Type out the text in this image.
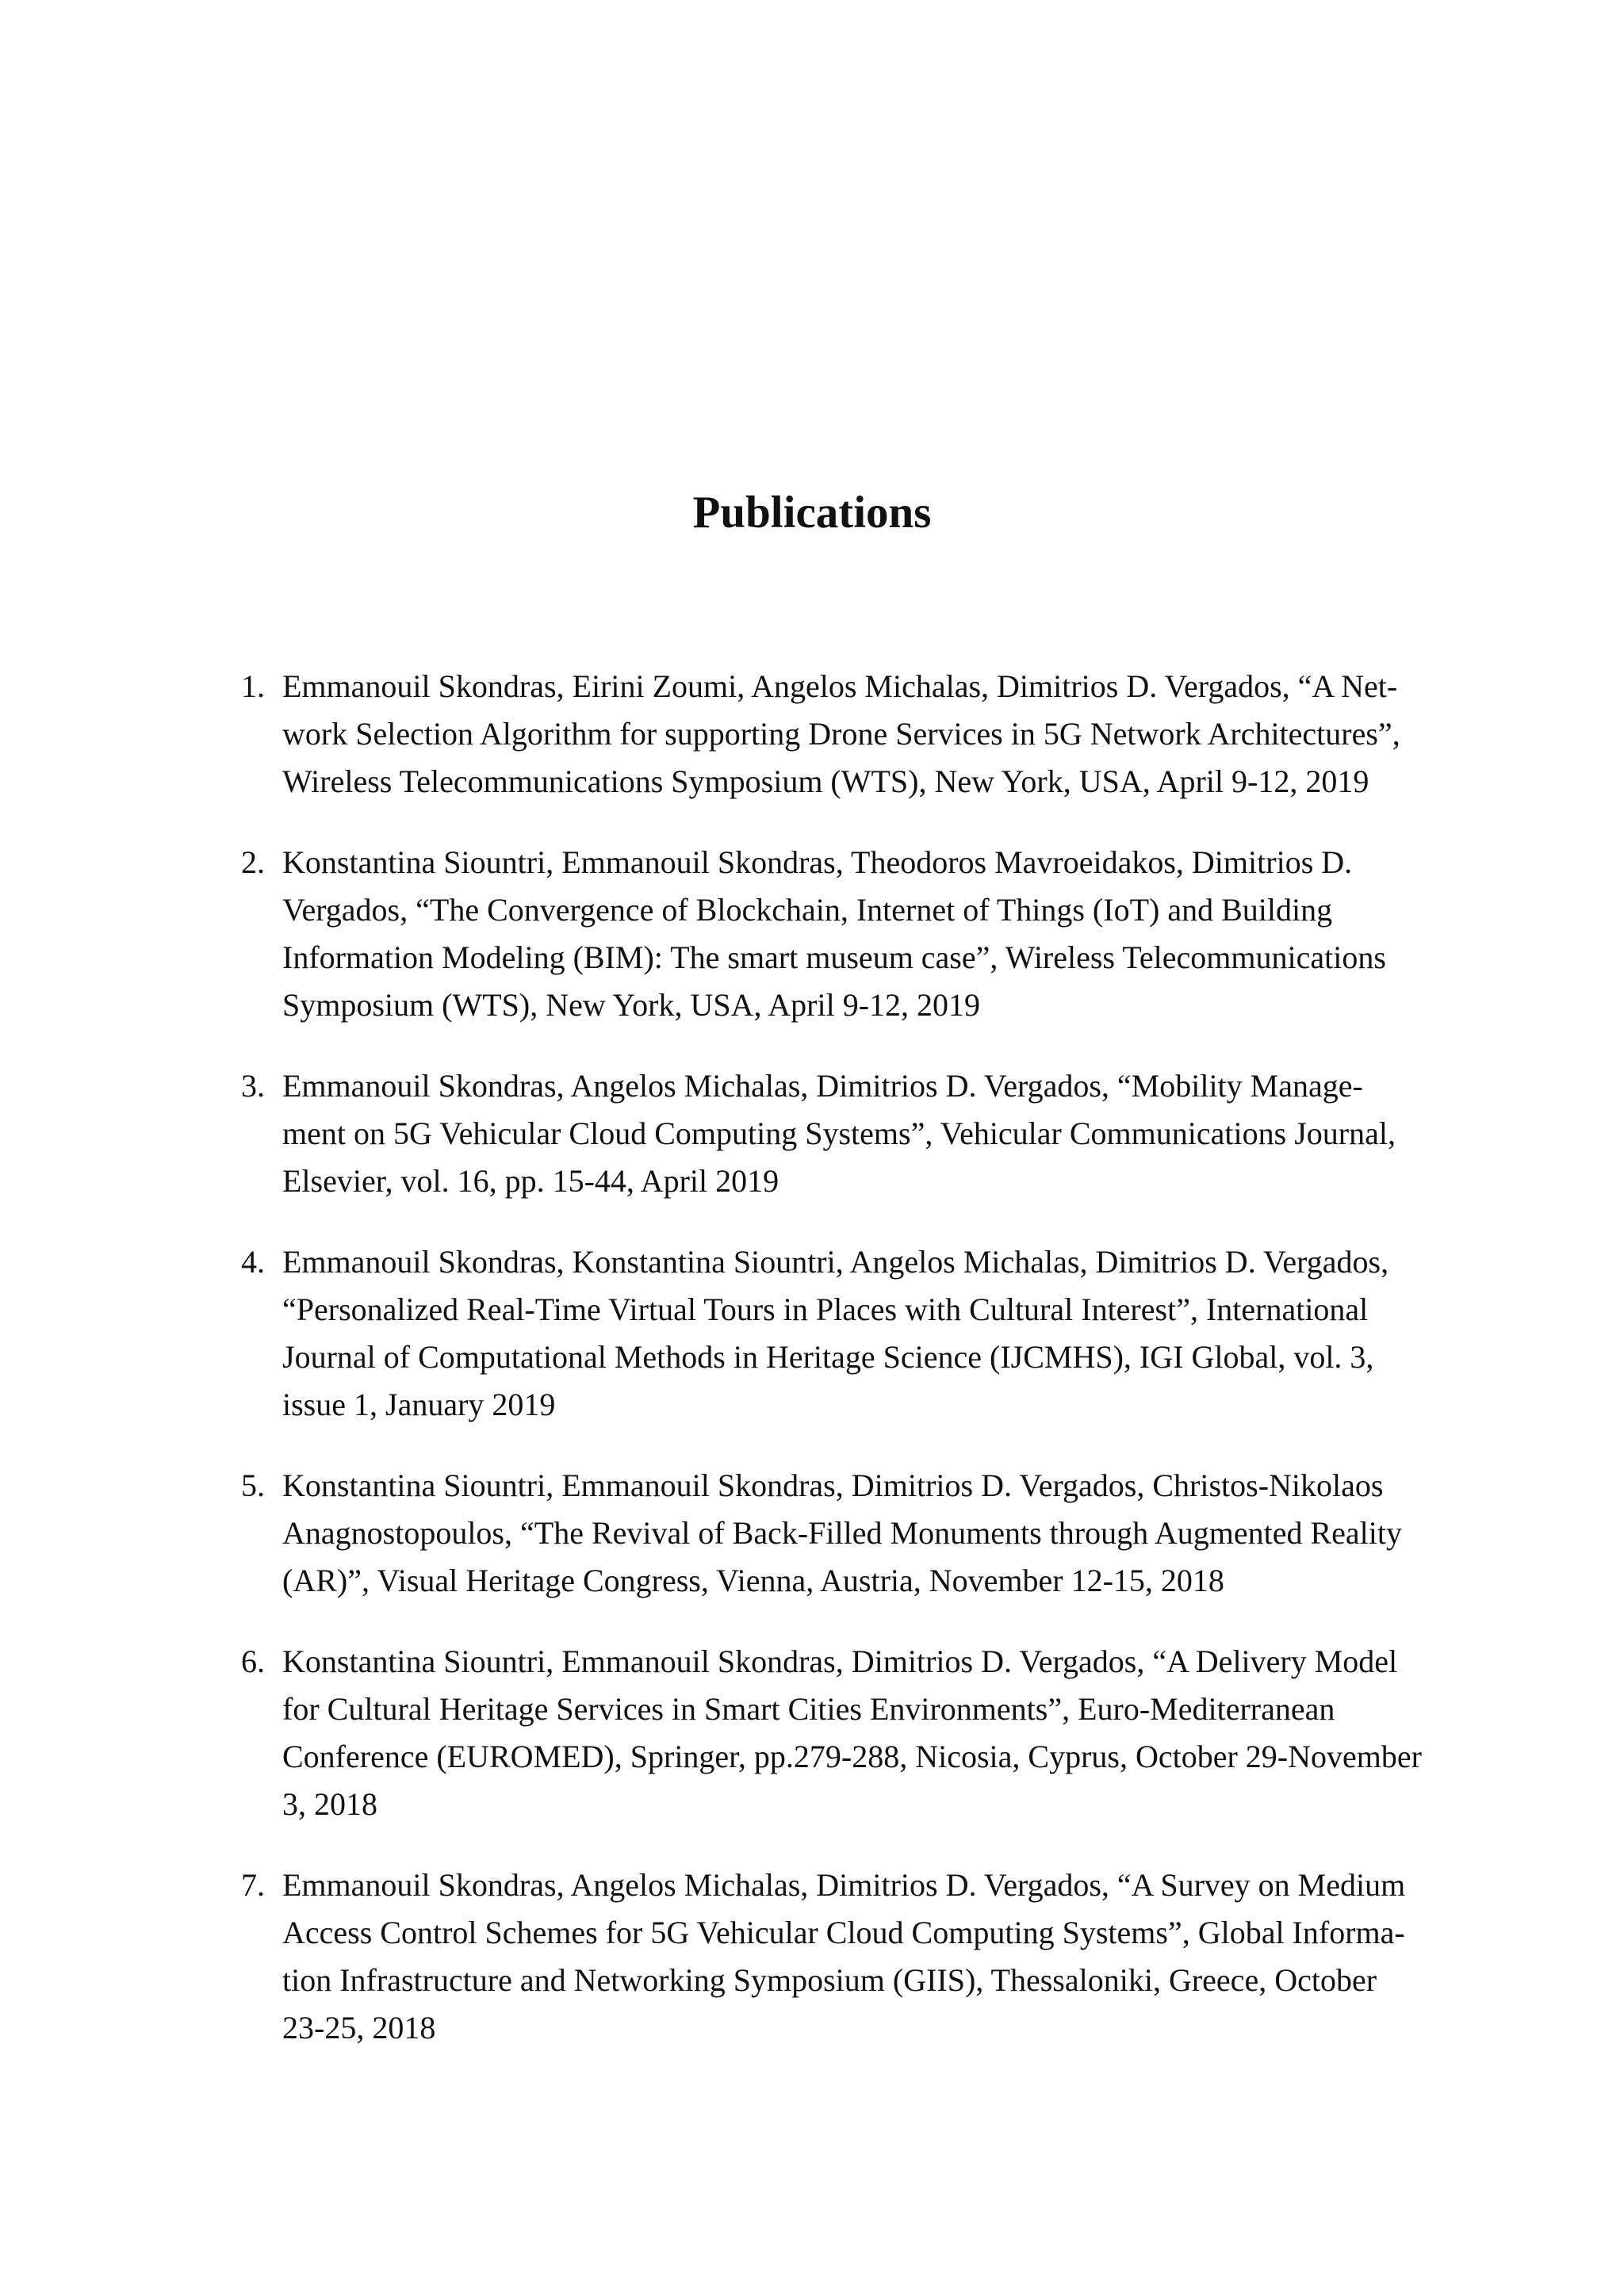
Publications
1. Emmanouil Skondras, Eirini Zoumi, Angelos Michalas, Dimitrios D. Vergados, “A Net-
work Selection Algorithm for supporting Drone Services in 5G Network Architectures”,
Wireless Telecommunications Symposium (WTS), New York, USA, April 9-12, 2019
2. Konstantina Siountri, Emmanouil Skondras, Theodoros Mavroeidakos, Dimitrios D.
Vergados, “The Convergence of Blockchain, Internet of Things (IoT) and Building
Information Modeling (BIM): The smart museum case”, Wireless Telecommunications
Symposium (WTS), New York, USA, April 9-12, 2019
3. Emmanouil Skondras, Angelos Michalas, Dimitrios D. Vergados, “Mobility Manage-
ment on 5G Vehicular Cloud Computing Systems”, Vehicular Communications Journal,
Elsevier, vol. 16, pp. 15-44, April 2019
4. Emmanouil Skondras, Konstantina Siountri, Angelos Michalas, Dimitrios D. Vergados,
“Personalized Real-Time Virtual Tours in Places with Cultural Interest”, International
Journal of Computational Methods in Heritage Science (IJCMHS), IGI Global, vol. 3,
issue 1, January 2019
5. Konstantina Siountri, Emmanouil Skondras, Dimitrios D. Vergados, Christos-Nikolaos
Anagnostopoulos, “The Revival of Back-Filled Monuments through Augmented Reality
(AR)”, Visual Heritage Congress, Vienna, Austria, November 12-15, 2018
6. Konstantina Siountri, Emmanouil Skondras, Dimitrios D. Vergados, “A Delivery Model
for Cultural Heritage Services in Smart Cities Environments”, Euro-Mediterranean
Conference (EUROMED), Springer, pp.279-288, Nicosia, Cyprus, October 29-November
3, 2018
7. Emmanouil Skondras, Angelos Michalas, Dimitrios D. Vergados, “A Survey on Medium
Access Control Schemes for 5G Vehicular Cloud Computing Systems”, Global Informa-
tion Infrastructure and Networking Symposium (GIIS), Thessaloniki, Greece, October
23-25, 2018
